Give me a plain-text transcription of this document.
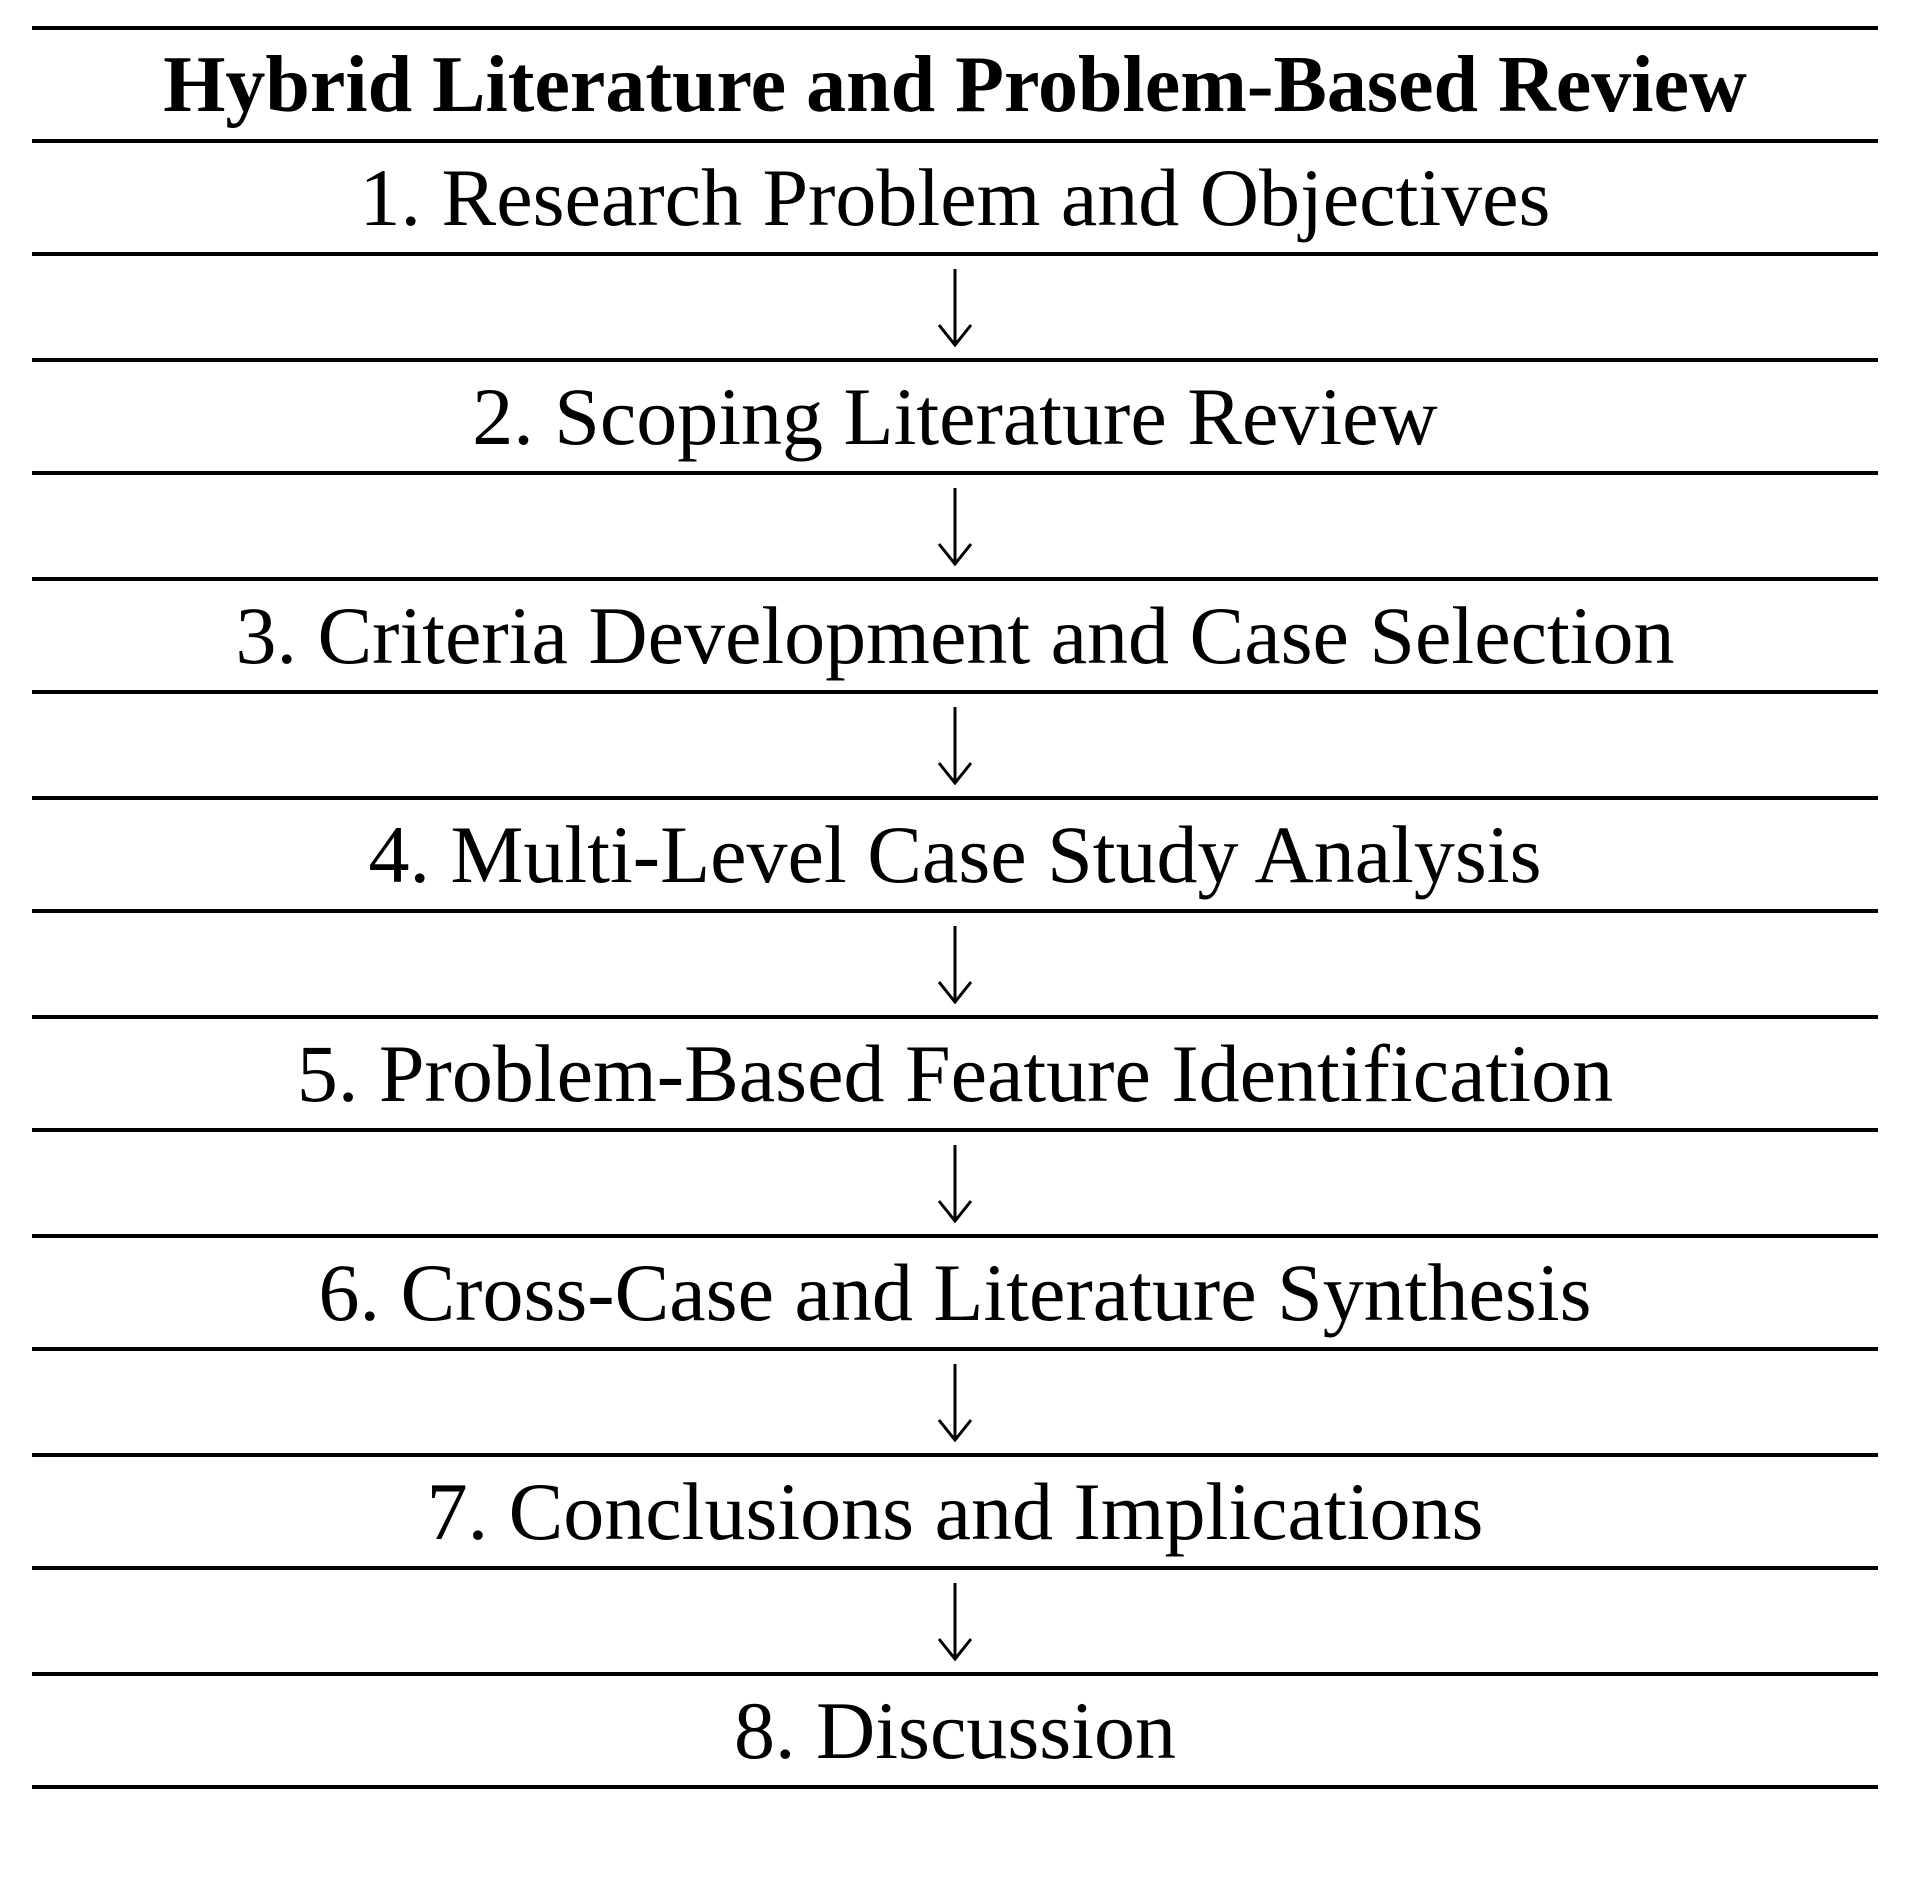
Hybrid Literature and Problem-Based Review
1. Research Problem and Objectives
2. Scoping Literature Review
3. Criteria Development and Case Selection
4. Multi-Level Case Study Analysis
5. Problem-Based Feature Identification
6. Cross-Case and Literature Synthesis
7. Conclusions and Implications
8. Discussion
